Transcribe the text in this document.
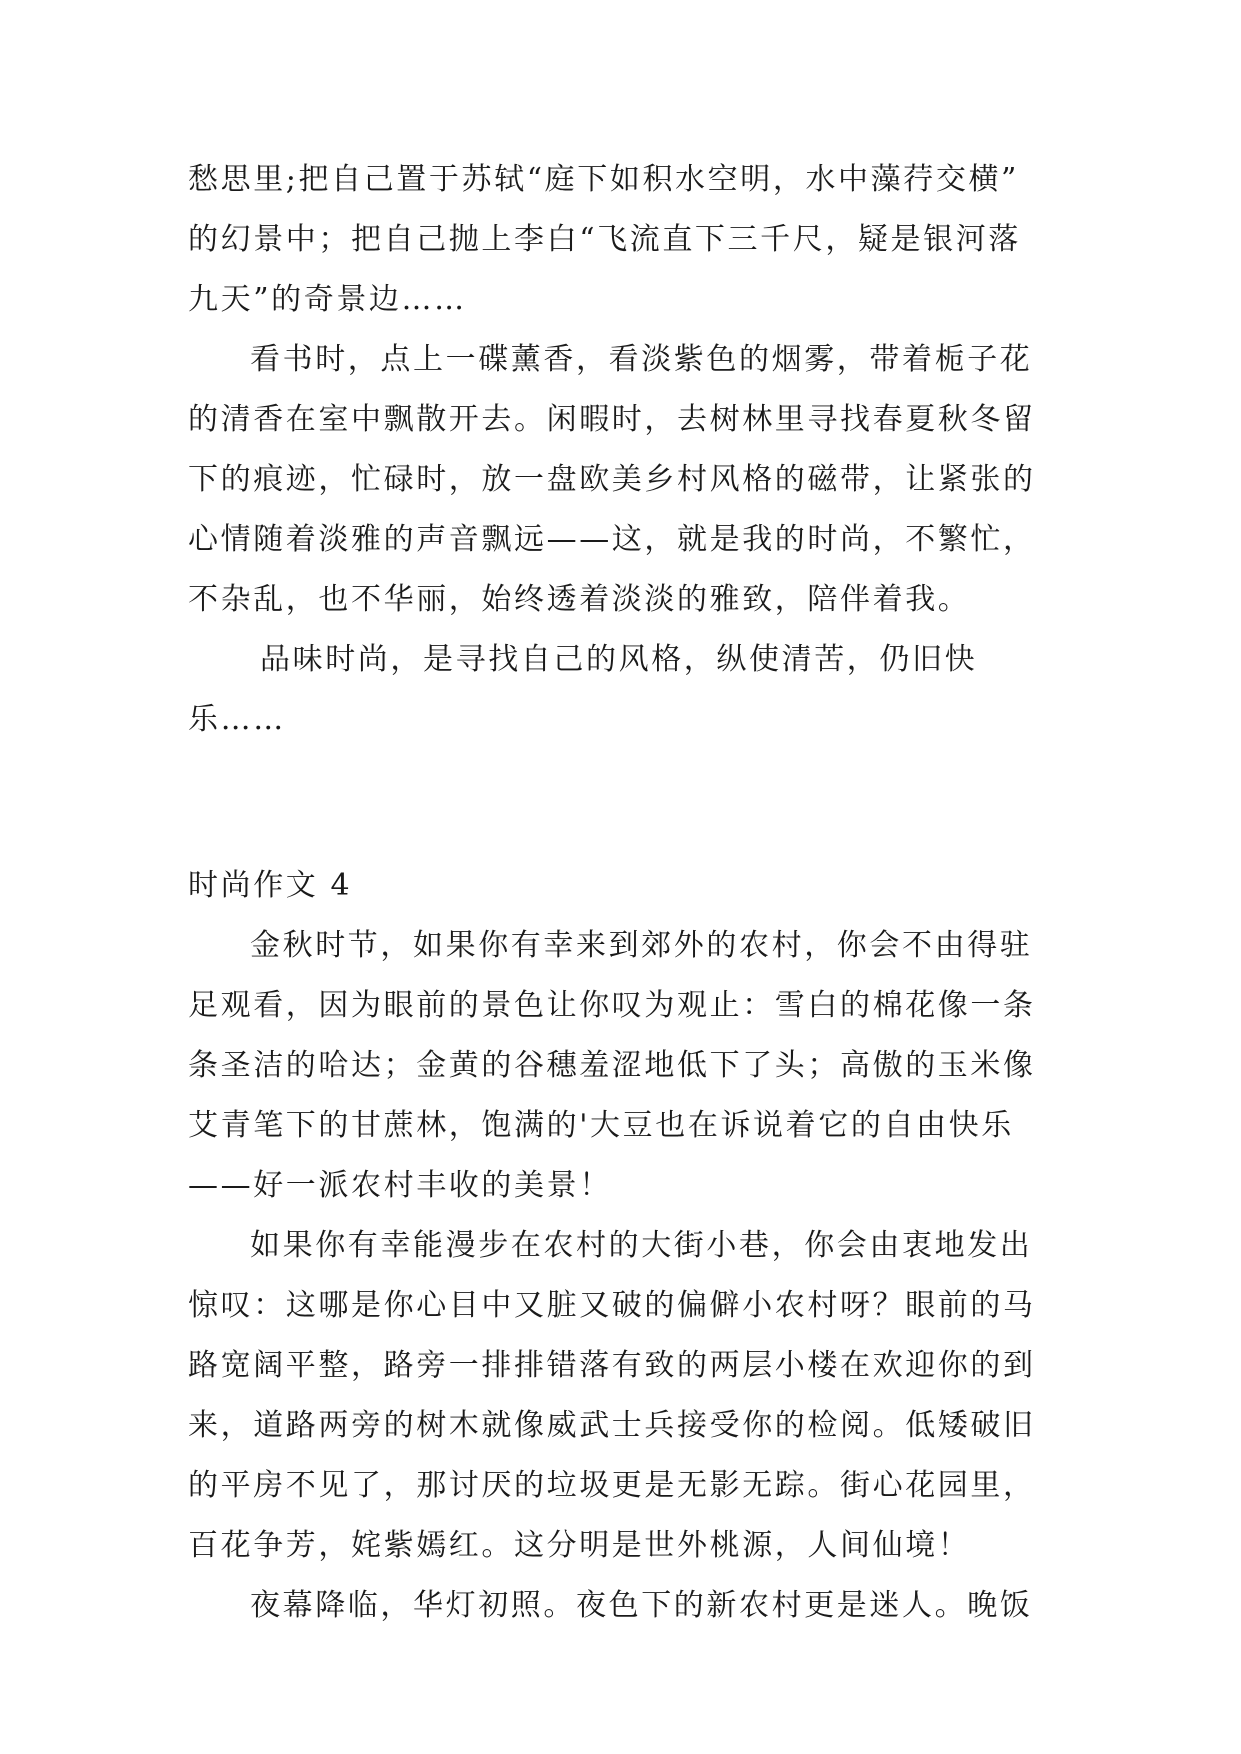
愁思里;把自己置于苏轼“庭下如积水空明，水中藻荇交横”
的幻景中；把自己抛上李白“飞流直下三千尺，疑是银河落
九天”的奇景边……
看书时，点上一碟薰香，看淡紫色的烟雾，带着栀子花
的清香在室中飘散开去。闲暇时，去树林里寻找春夏秋冬留
下的痕迹，忙碌时，放一盘欧美乡村风格的磁带，让紧张的
心情随着淡雅的声音飘远——这，就是我的时尚，不繁忙，
不杂乱，也不华丽，始终透着淡淡的雅致，陪伴着我。
品味时尚，是寻找自己的风格，纵使清苦，仍旧快
乐……
时尚作文 4
金秋时节，如果你有幸来到郊外的农村，你会不由得驻
足观看，因为眼前的景色让你叹为观止：雪白的棉花像一条
条圣洁的哈达；金黄的谷穗羞涩地低下了头；高傲的玉米像
艾青笔下的甘蔗林，饱满的'大豆也在诉说着它的自由快乐
——好一派农村丰收的美景！
如果你有幸能漫步在农村的大街小巷，你会由衷地发出
惊叹：这哪是你心目中又脏又破的偏僻小农村呀？眼前的马
路宽阔平整，路旁一排排错落有致的两层小楼在欢迎你的到
来，道路两旁的树木就像威武士兵接受你的检阅。低矮破旧
的平房不见了，那讨厌的垃圾更是无影无踪。街心花园里，
百花争芳，姹紫嫣红。这分明是世外桃源，人间仙境！
夜幕降临，华灯初照。夜色下的新农村更是迷人。晚饭
